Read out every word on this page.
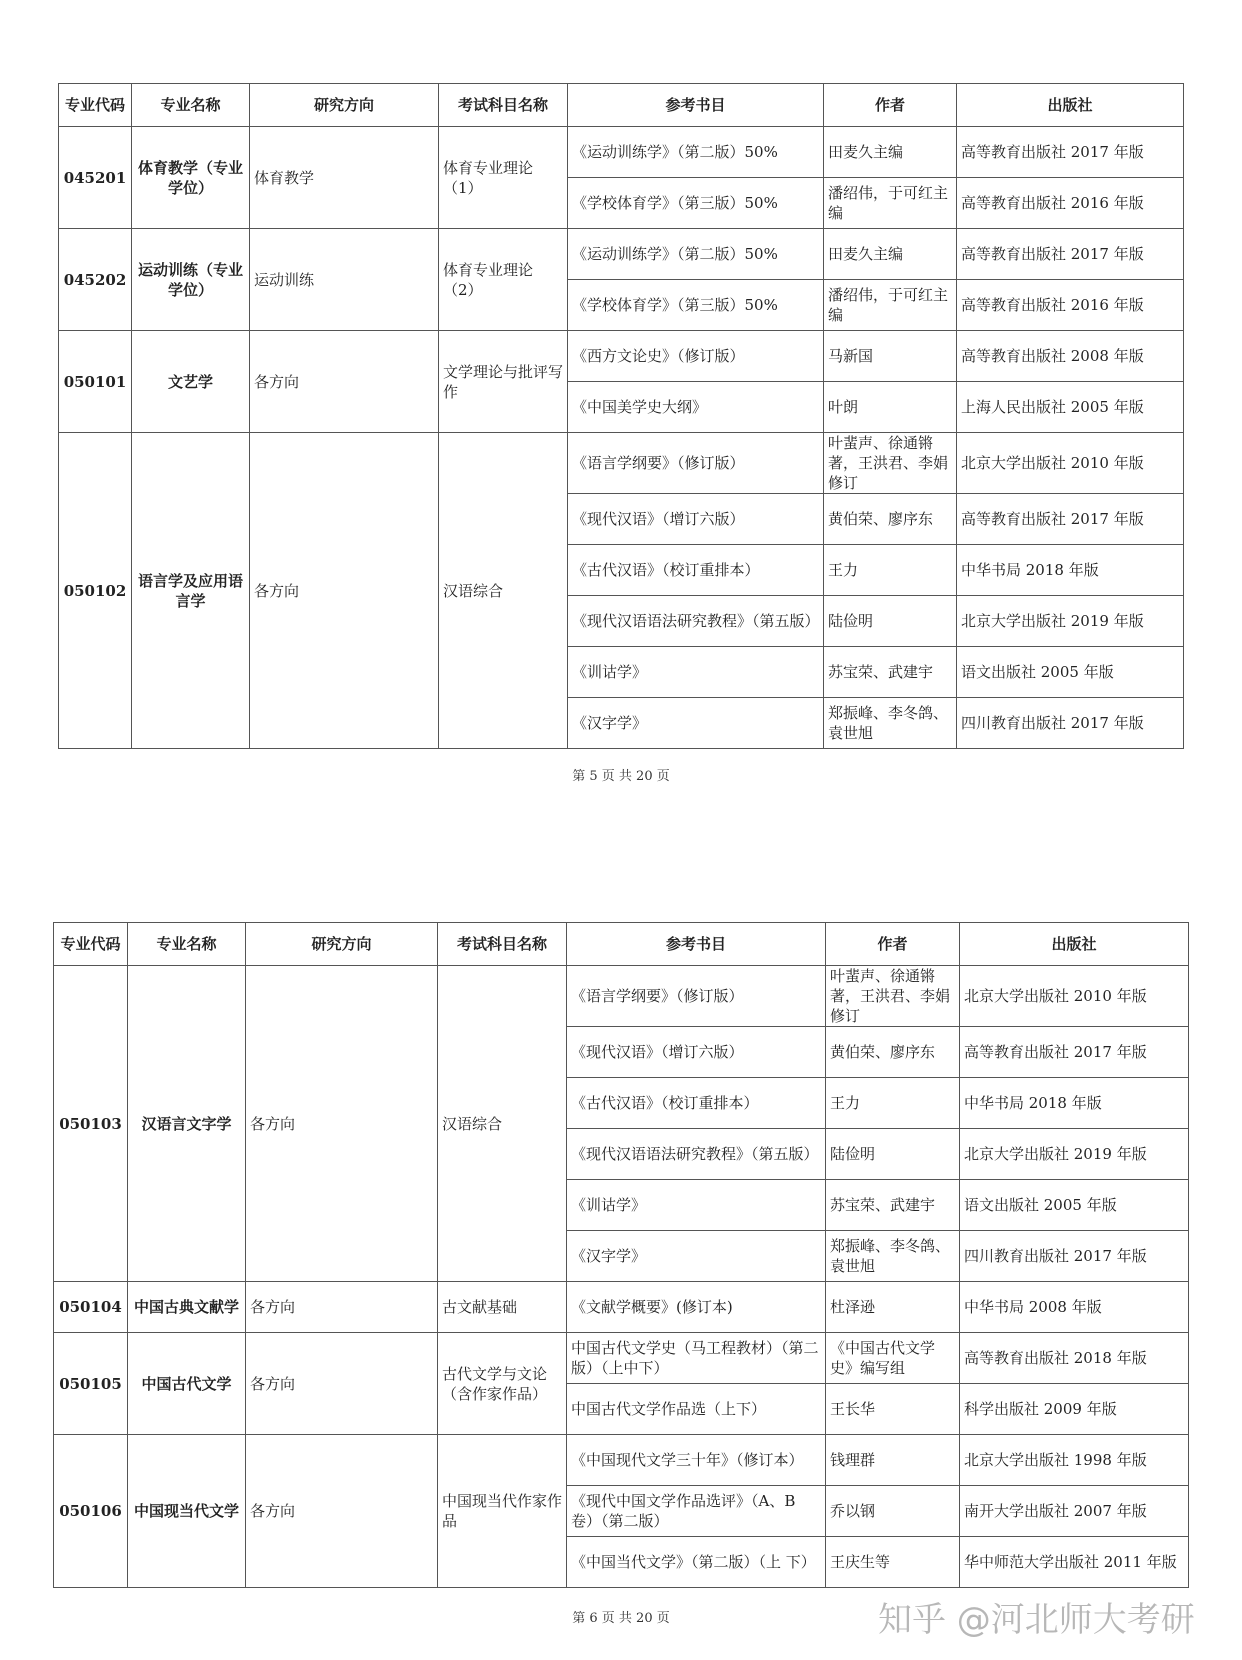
专业代码	专业名称	研究方向	考试科目名称	参考书目	作者	出版社
045201	体育教学（专业学位）	体育教学	体育专业理论（1）	《运动训练学》（第二版）50%	田麦久主编	高等教育出版社 2017 年版
				《学校体育学》（第三版）50%	潘绍伟，于可红主编	高等教育出版社 2016 年版
045202	运动训练（专业学位）	运动训练	体育专业理论（2）	《运动训练学》（第二版）50%	田麦久主编	高等教育出版社 2017 年版
				《学校体育学》（第三版）50%	潘绍伟，于可红主编	高等教育出版社 2016 年版
050101	文艺学	各方向	文学理论与批评写作	《西方文论史》（修订版）	马新国	高等教育出版社 2008 年版
				《中国美学史大纲》	叶朗	上海人民出版社 2005 年版
050102	语言学及应用语言学	各方向	汉语综合	《语言学纲要》（修订版）	叶蜚声、徐通锵著，王洪君、李娟修订	北京大学出版社 2010 年版
				《现代汉语》（增订六版）	黄伯荣、廖序东	高等教育出版社 2017 年版
				《古代汉语》（校订重排本）	王力	中华书局 2018 年版
				《现代汉语语法研究教程》（第五版）	陆俭明	北京大学出版社 2019 年版
				《训诂学》	苏宝荣、武建宇	语文出版社 2005 年版
				《汉字学》	郑振峰、李冬鸽、袁世旭	四川教育出版社 2017 年版
第 5 页 共 20 页
专业代码	专业名称	研究方向	考试科目名称	参考书目	作者	出版社
050103	汉语言文字学	各方向	汉语综合	《语言学纲要》（修订版）	叶蜚声、徐通锵著，王洪君、李娟修订	北京大学出版社 2010 年版
				《现代汉语》（增订六版）	黄伯荣、廖序东	高等教育出版社 2017 年版
				《古代汉语》（校订重排本）	王力	中华书局 2018 年版
				《现代汉语语法研究教程》（第五版）	陆俭明	北京大学出版社 2019 年版
				《训诂学》	苏宝荣、武建宇	语文出版社 2005 年版
				《汉字学》	郑振峰、李冬鸽、袁世旭	四川教育出版社 2017 年版
050104	中国古典文献学	各方向	古文献基础	《文献学概要》(修订本)	杜泽逊	中华书局 2008 年版
050105	中国古代文学	各方向	古代文学与文论（含作家作品）	中国古代文学史（马工程教材）（第二版）（上中下）	《中国古代文学史》编写组	高等教育出版社 2018 年版
				中国古代文学作品选（上下）	王长华	科学出版社 2009 年版
050106	中国现当代文学	各方向	中国现当代作家作品	《中国现代文学三十年》（修订本）	钱理群	北京大学出版社 1998 年版
				《现代中国文学作品选评》（A、B 卷）（第二版）	乔以钢	南开大学出版社 2007 年版
				《中国当代文学》（第二版）（上 下）	王庆生等	华中师范大学出版社 2011 年版
第 6 页 共 20 页	知乎 @河北师大考研
